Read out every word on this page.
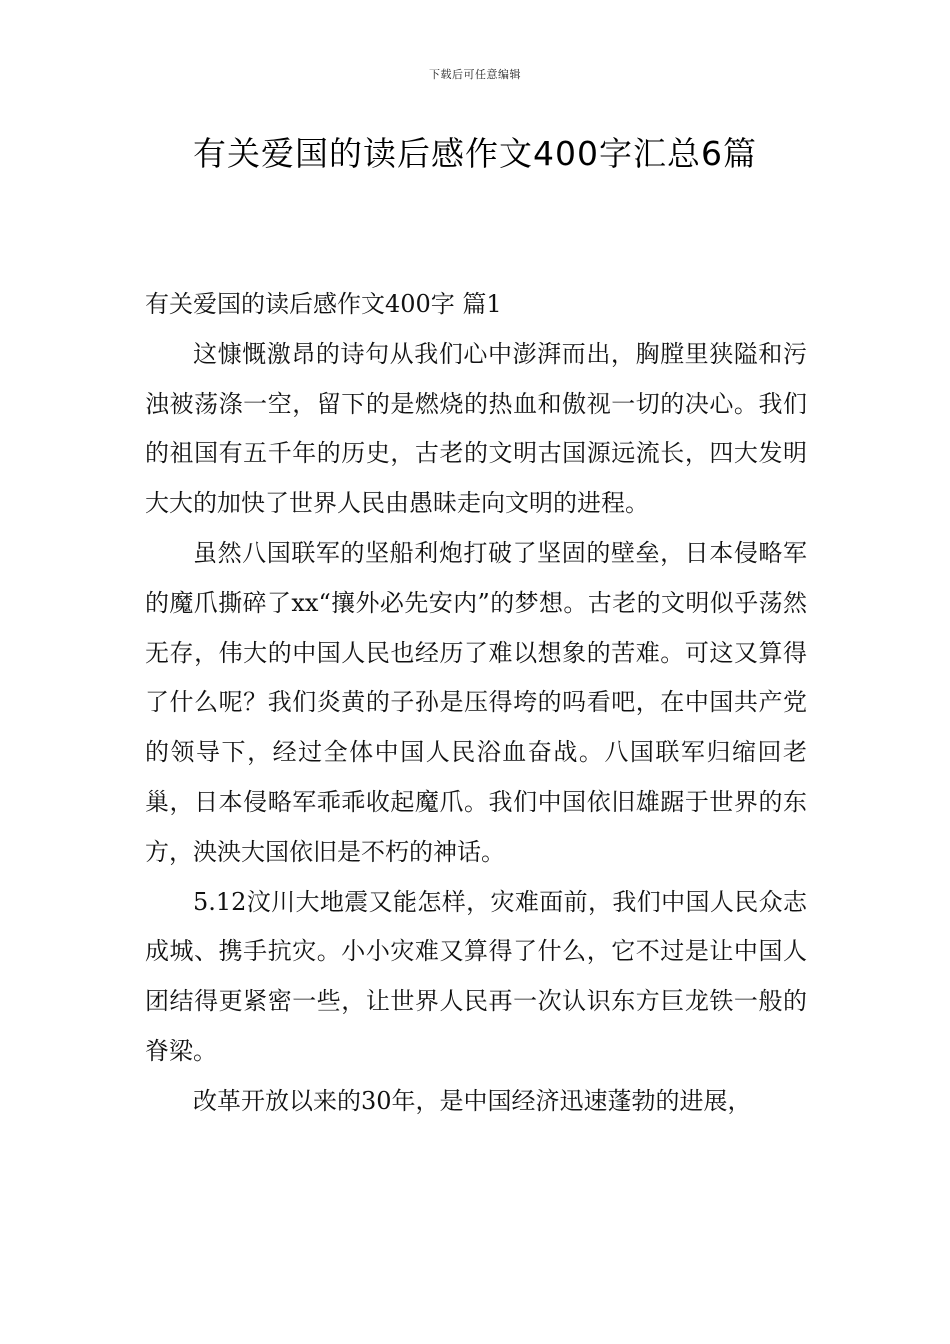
下载后可任意编辑
有关爱国的读后感作文400字汇总6篇

有关爱国的读后感作文400字 篇1

这慷慨激昂的诗句从我们心中澎湃而出，胸膛里狭隘和污浊被荡涤一空，留下的是燃烧的热血和傲视一切的决心。我们的祖国有五千年的历史，古老的文明古国源远流长，四大发明大大的加快了世界人民由愚昧走向文明的进程。

虽然八国联军的坚船利炮打破了坚固的壁垒，日本侵略军的魔爪撕碎了xx“攘外必先安内”的梦想。古老的文明似乎荡然无存，伟大的中国人民也经历了难以想象的苦难。可这又算得了什么呢？我们炎黄的子孙是压得垮的吗看吧，在中国共产党的领导下，经过全体中国人民浴血奋战。八国联军归缩回老巢，日本侵略军乖乖收起魔爪。我们中国依旧雄踞于世界的东方，泱泱大国依旧是不朽的神话。

5.12汶川大地震又能怎样，灾难面前，我们中国人民众志成城、携手抗灾。小小灾难又算得了什么，它不过是让中国人团结得更紧密一些，让世界人民再一次认识东方巨龙铁一般的脊梁。

改革开放以来的30年，是中国经济迅速蓬勃的进展，
